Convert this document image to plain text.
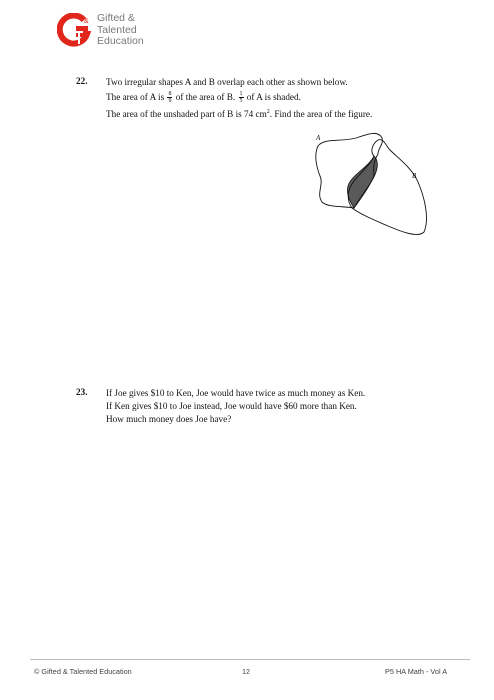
& Gifted &
Talented
Education
22. Two irregular shapes A and B overlap each other as shown below.
The area of A is $\frac{8}{9}$ of the area of B. $\frac{1}{5}$ of A is shaded.
The area of the unshaded part of B is 74 $cm^2$. Find the area of the figure.
A
B
23. If Joe gives $10 to Ken, Joe would have twice as much money as Ken.
If Ken gives $10 to Joe instead, Joe would have $60 more than Ken.
How much money does Joe have?
© Gifted & Talented Education	12	P5 HA Math - Vol A
